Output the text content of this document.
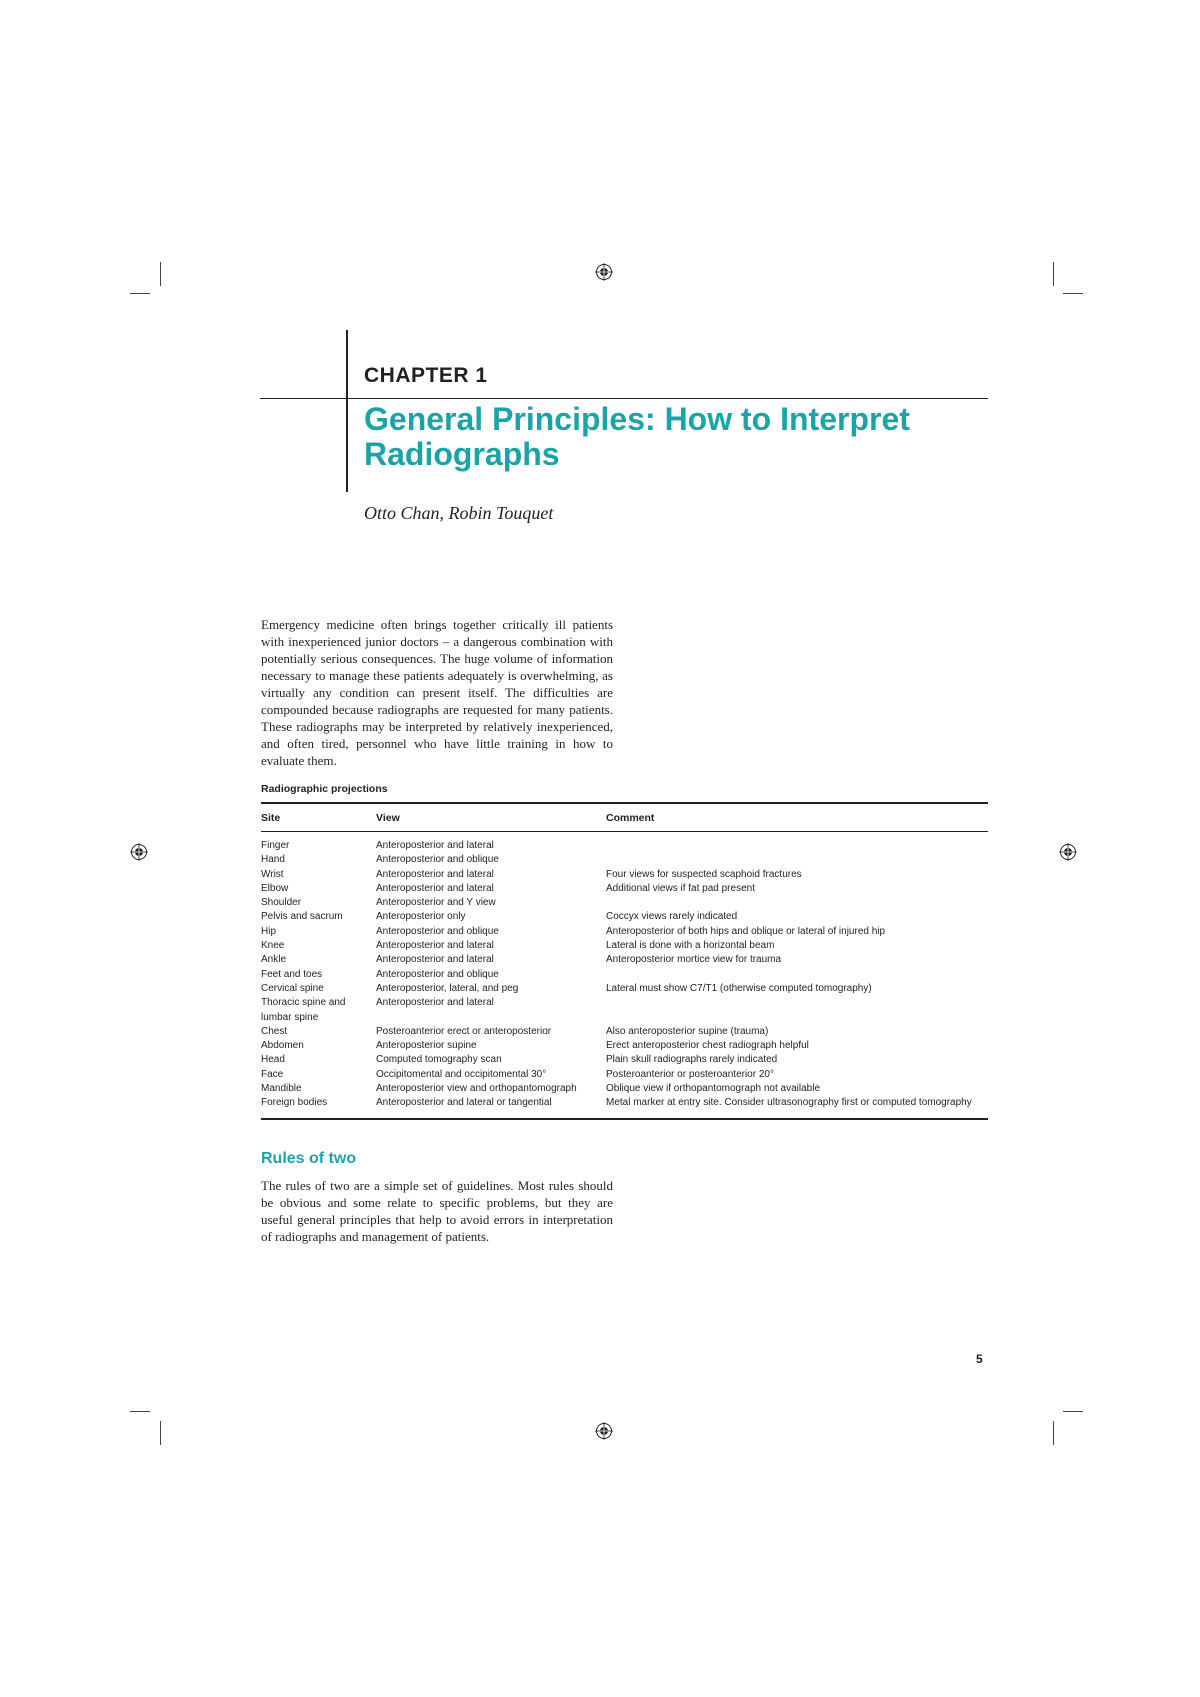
CHAPTER 1
General Principles: How to Interpret
Radiographs
Otto Chan, Robin Touquet
Emergency medicine often brings together critically ill patients with inexperienced junior doctors – a dangerous combination with potentially serious consequences. The huge volume of information necessary to manage these patients adequately is overwhelming, as virtually any condition can present itself. The difficulties are compounded because radiographs are requested for many patients. These radiographs may be interpreted by relatively inexperienced, and often tired, personnel who have little training in how to evaluate them.
Radiographic projections
Site	View	Comment
Finger	Anteroposterior and lateral
Hand	Anteroposterior and oblique
Wrist	Anteroposterior and lateral	Four views for suspected scaphoid fractures
Elbow	Anteroposterior and lateral	Additional views if fat pad present
Shoulder	Anteroposterior and Y view
Pelvis and sacrum	Anteroposterior only	Coccyx views rarely indicated
Hip	Anteroposterior and oblique	Anteroposterior of both hips and oblique or lateral of injured hip
Knee	Anteroposterior and lateral	Lateral is done with a horizontal beam
Ankle	Anteroposterior and lateral	Anteroposterior mortice view for trauma
Feet and toes	Anteroposterior and oblique
Cervical spine	Anteroposterior, lateral, and peg	Lateral must show C7/T1 (otherwise computed tomography)
Thoracic spine and	Anteroposterior and lateral
lumbar spine
Chest	Posteroanterior erect or anteroposterior	Also anteroposterior supine (trauma)
Abdomen	Anteroposterior supine	Erect anteroposterior chest radiograph helpful
Head	Computed tomography scan	Plain skull radiographs rarely indicated
Face	Occipitomental and occipitomental 30°	Posteroanterior or posteroanterior 20°
Mandible	Anteroposterior view and orthopantomograph	Oblique view if orthopantomograph not available
Foreign bodies	Anteroposterior and lateral or tangential	Metal marker at entry site. Consider ultrasonography first or computed tomography
Rules of two
The rules of two are a simple set of guidelines. Most rules should be obvious and some relate to specific problems, but they are useful general principles that help to avoid errors in interpretation of radiographs and management of patients.
5
